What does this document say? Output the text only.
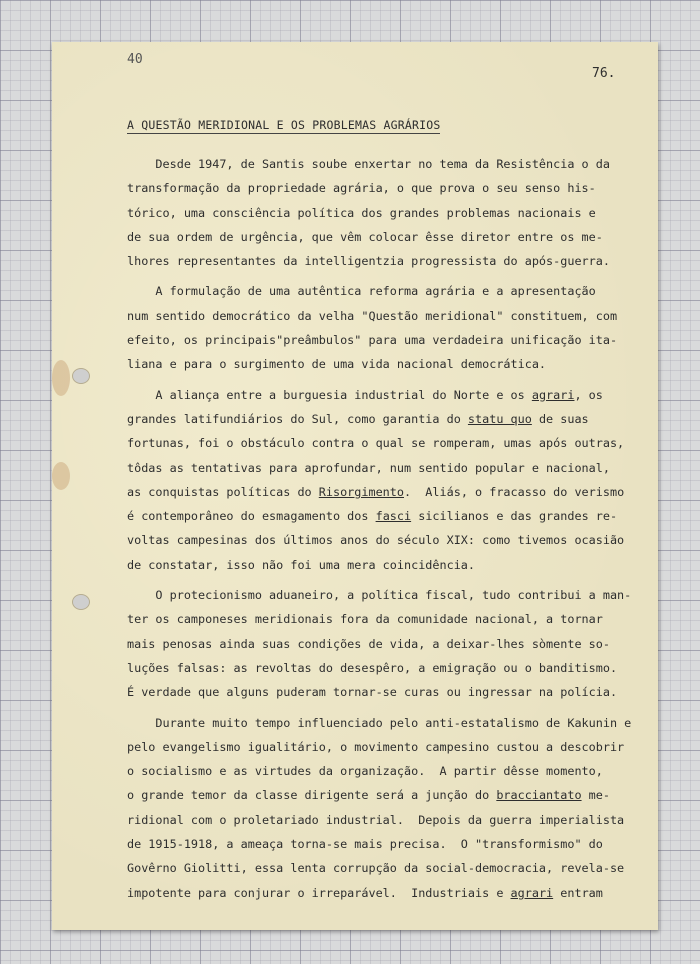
40
76.
A QUESTÃO MERIDIONAL E OS PROBLEMAS AGRÁRIOS
Desde 1947, de Santis soube enxertar no tema da Resistência o da
transformação da propriedade agrária, o que prova o seu senso his-
tórico, uma consciência política dos grandes problemas nacionais e
de sua ordem de urgência, que vêm colocar êsse diretor entre os me-
lhores representantes da intelligentzia progressista do após-guerra.
A formulação de uma autêntica reforma agrária e a apresentação
num sentido democrático da velha "Questão meridional" constituem, com
efeito, os principais"preâmbulos" para uma verdadeira unificação ita-
liana e para o surgimento de uma vida nacional democrática.
A aliança entre a burguesia industrial do Norte e os agrari, os
grandes latifundiários do Sul, como garantia do statu quo de suas
fortunas, foi o obstáculo contra o qual se romperam, umas após outras,
tôdas as tentativas para aprofundar, num sentido popular e nacional,
as conquistas políticas do Risorgimento.  Aliás, o fracasso do verismo
é contemporâneo do esmagamento dos fasci sicilianos e das grandes re-
voltas campesinas dos últimos anos do século XIX: como tivemos ocasião
de constatar, isso não foi uma mera coincidência.
O protecionismo aduaneiro, a política fiscal, tudo contribui a man-
ter os camponeses meridionais fora da comunidade nacional, a tornar
mais penosas ainda suas condições de vida, a deixar-lhes sòmente so-
luções falsas: as revoltas do desespêro, a emigração ou o banditismo.
É verdade que alguns puderam tornar-se curas ou ingressar na polícia.
Durante muito tempo influenciado pelo anti-estatalismo de Kakunin e
pelo evangelismo igualitário, o movimento campesino custou a descobrir
o socialismo e as virtudes da organização.  A partir dêsse momento,
o grande temor da classe dirigente será a junção do bracciantato me-
ridional com o proletariado industrial.  Depois da guerra imperialista
de 1915-1918, a ameaça torna-se mais precisa.  O "transformismo" do
Govêrno Giolitti, essa lenta corrupção da social-democracia, revela-se
impotente para conjurar o irreparável.  Industriais e agrari entram
